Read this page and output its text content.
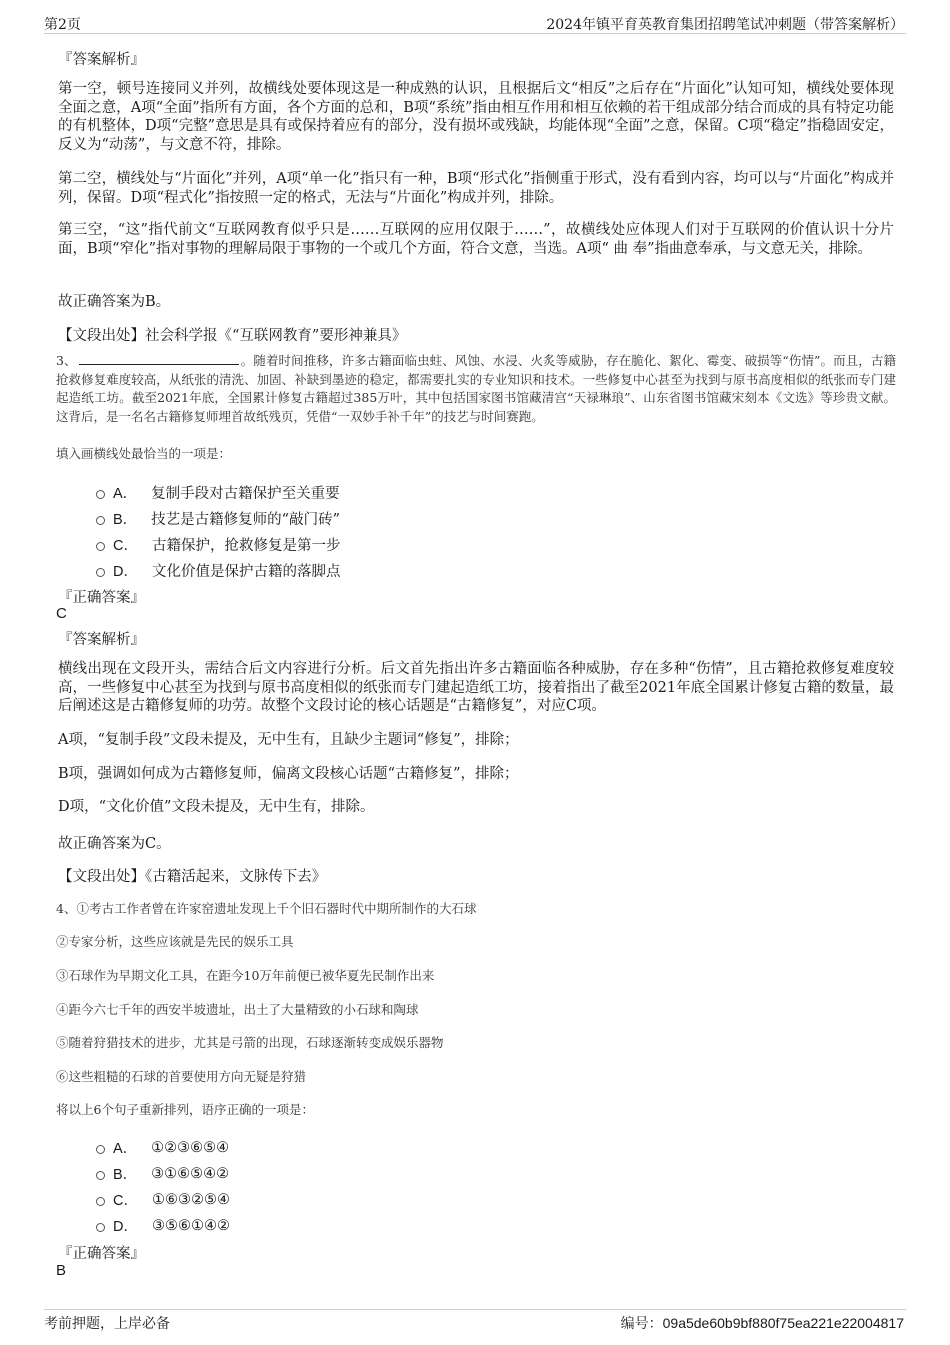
第2页	2024年镇平育英教育集团招聘笔试冲刺题（带答案解析）
『答案解析』
第一空，顿号连接同义并列，故横线处要体现这是一种成熟的认识，且根据后文“相反”之后存在“片面化”认知可知，横线处要体现全面之意，A项“全面”指所有方面，各个方面的总和，B项“系统”指由相互作用和相互依赖的若干组成部分结合而成的具有特定功能的有机整体，D项“完整”意思是具有或保持着应有的部分，没有损坏或残缺，均能体现“全面”之意，保留。C项“稳定”指稳固安定，反义为“动荡”，与文意不符，排除。
第二空，横线处与“片面化”并列，A项“单一化”指只有一种，B项“形式化”指侧重于形式，没有看到内容，均可以与“片面化”构成并列，保留。D项“程式化”指按照一定的格式，无法与“片面化”构成并列，排除。
第三空，“这”指代前文“互联网教育似乎只是……互联网的应用仅限于……”，故横线处应体现人们对于互联网的价值认识十分片面，B项“窄化”指对事物的理解局限于事物的一个或几个方面，符合文意，当选。A项“ 曲 奉”指曲意奉承，与文意无关，排除。
故正确答案为B。
【文段出处】社会科学报《“互联网教育”要形神兼具》
3、	。随着时间推移，许多古籍面临虫蛀、风蚀、水浸、火炙等威胁，存在脆化、絮化、霉变、破损等“伤情”。而且，古籍抢救修复难度较高，从纸张的清洗、加固、补缺到墨迹的稳定，都需要扎实的专业知识和技术。一些修复中心甚至为找到与原书高度相似的纸张而专门建起造纸工坊。截至2021年底，全国累计修复古籍超过385万叶，其中包括国家图书馆藏清宫“天禄琳琅”、山东省图书馆藏宋刻本《文选》等珍贵文献。这背后，是一名名古籍修复师埋首故纸残页，凭借“一双妙手补千年”的技艺与时间赛跑。
填入画横线处最恰当的一项是：
A． 复制手段对古籍保护至关重要
B． 技艺是古籍修复师的“敲门砖”
C． 古籍保护，抢救修复是第一步
D． 文化价值是保护古籍的落脚点
『正确答案』
C
『答案解析』
横线出现在文段开头，需结合后文内容进行分析。后文首先指出许多古籍面临各种威胁，存在多种“伤情”，且古籍抢救修复难度较高，一些修复中心甚至为找到与原书高度相似的纸张而专门建起造纸工坊，接着指出了截至2021年底全国累计修复古籍的数量，最后阐述这是古籍修复师的功劳。故整个文段讨论的核心话题是“古籍修复”，对应C项。
A项，“复制手段”文段未提及，无中生有，且缺少主题词“修复”，排除；
B项，强调如何成为古籍修复师，偏离文段核心话题“古籍修复”，排除；
D项，“文化价值”文段未提及，无中生有，排除。
故正确答案为C。
【文段出处】《古籍活起来，文脉传下去》
4、①考古工作者曾在许家窑遗址发现上千个旧石器时代中期所制作的大石球
②专家分析，这些应该就是先民的娱乐工具
③石球作为早期文化工具，在距今10万年前便已被华夏先民制作出来
④距今六七千年的西安半坡遗址，出土了大量精致的小石球和陶球
⑤随着狩猎技术的进步，尤其是弓箭的出现，石球逐渐转变成娱乐器物
⑥这些粗糙的石球的首要使用方向无疑是狩猎
将以上6个句子重新排列，语序正确的一项是：
A． ①②③⑥⑤④
B． ③①⑥⑤④②
C． ①⑥③②⑤④
D． ③⑤⑥①④②
『正确答案』
B
考前押题，上岸必备	编号：09a5de60b9bf880f75ea221e22004817
